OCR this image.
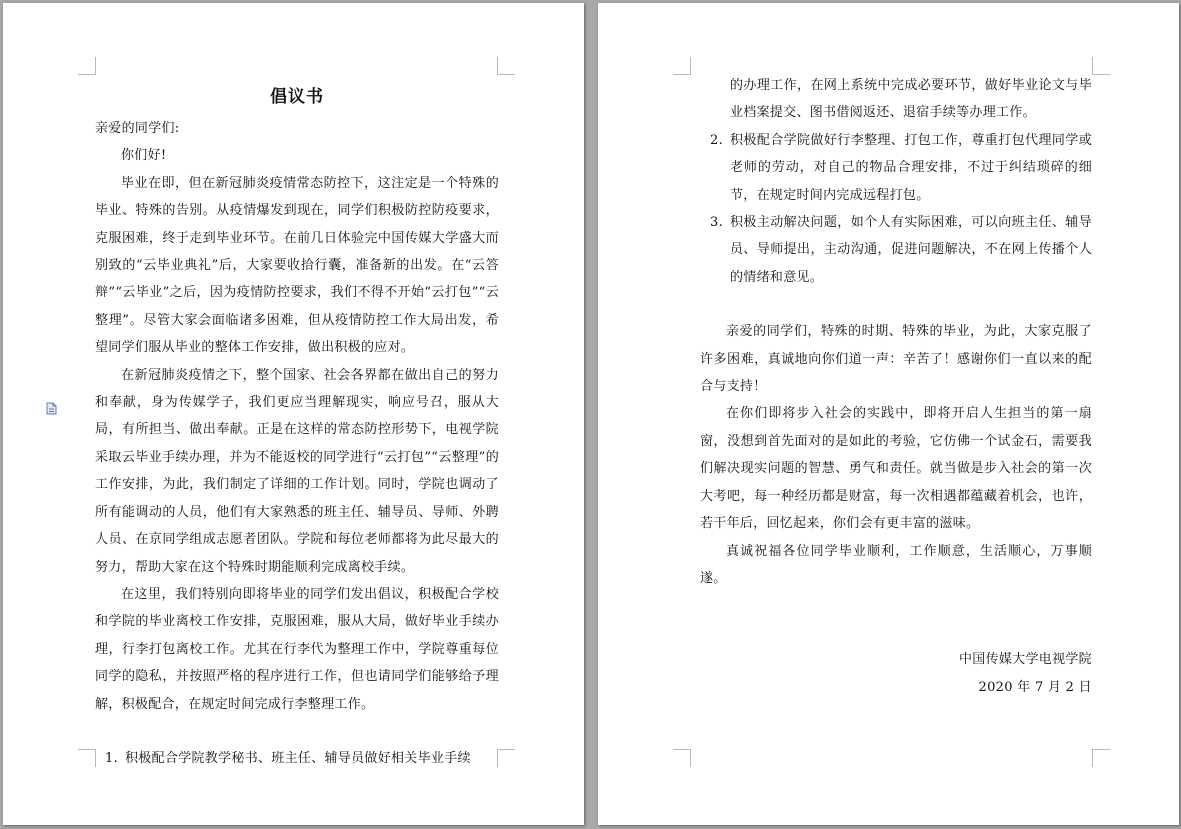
倡议书

亲爱的同学们:

你们好!

毕业在即，但在新冠肺炎疫情常态防控下，这注定是一个特殊的毕业、特殊的告别。从疫情爆发到现在，同学们积极防控防疫要求，克服困难，终于走到毕业环节。在前几日体验完中国传媒大学盛大而别致的“云毕业典礼”后，大家要收拾行囊，准备新的出发。在“云答辩”“云毕业”之后，因为疫情防控要求，我们不得不开始“云打包”“云整理”。尽管大家会面临诸多困难，但从疫情防控工作大局出发，希望同学们服从毕业的整体工作安排，做出积极的应对。

在新冠肺炎疫情之下，整个国家、社会各界都在做出自己的努力和奉献，身为传媒学子，我们更应当理解现实，响应号召，服从大局，有所担当、做出奉献。正是在这样的常态防控形势下，电视学院采取云毕业手续办理，并为不能返校的同学进行“云打包”“云整理”的工作安排，为此，我们制定了详细的工作计划。同时，学院也调动了所有能调动的人员，他们有大家熟悉的班主任、辅导员、导师、外聘人员、在京同学组成志愿者团队。学院和每位老师都将为此尽最大的努力，帮助大家在这个特殊时期能顺利完成离校手续。

在这里，我们特别向即将毕业的同学们发出倡议，积极配合学校和学院的毕业离校工作安排，克服困难，服从大局，做好毕业手续办理，行李打包离校工作。尤其在行李代为整理工作中，学院尊重每位同学的隐私，并按照严格的程序进行工作，但也请同学们能够给予理解，积极配合，在规定时间完成行李整理工作。

1. 积极配合学院教学秘书、班主任、辅导员做好相关毕业手续
的办理工作，在网上系统中完成必要环节，做好毕业论文与毕业档案提交、图书借阅返还、退宿手续等办理工作。
2. 积极配合学院做好行李整理、打包工作，尊重打包代理同学或老师的劳动，对自己的物品合理安排，不过于纠结琐碎的细节，在规定时间内完成远程打包。
3. 积极主动解决问题，如个人有实际困难，可以向班主任、辅导员、导师提出，主动沟通，促进问题解决，不在网上传播个人的情绪和意见。

亲爱的同学们，特殊的时期、特殊的毕业，为此，大家克服了许多困难，真诚地向你们道一声：辛苦了！感谢你们一直以来的配合与支持！

在你们即将步入社会的实践中，即将开启人生担当的第一扇窗，没想到首先面对的是如此的考验，它仿佛一个试金石，需要我们解决现实问题的智慧、勇气和责任。就当做是步入社会的第一次大考吧，每一种经历都是财富，每一次相遇都蕴藏着机会，也许，若干年后，回忆起来，你们会有更丰富的滋味。

真诚祝福各位同学毕业顺利，工作顺意，生活顺心，万事顺遂。

中国传媒大学电视学院

2020 年 7 月 2 日
